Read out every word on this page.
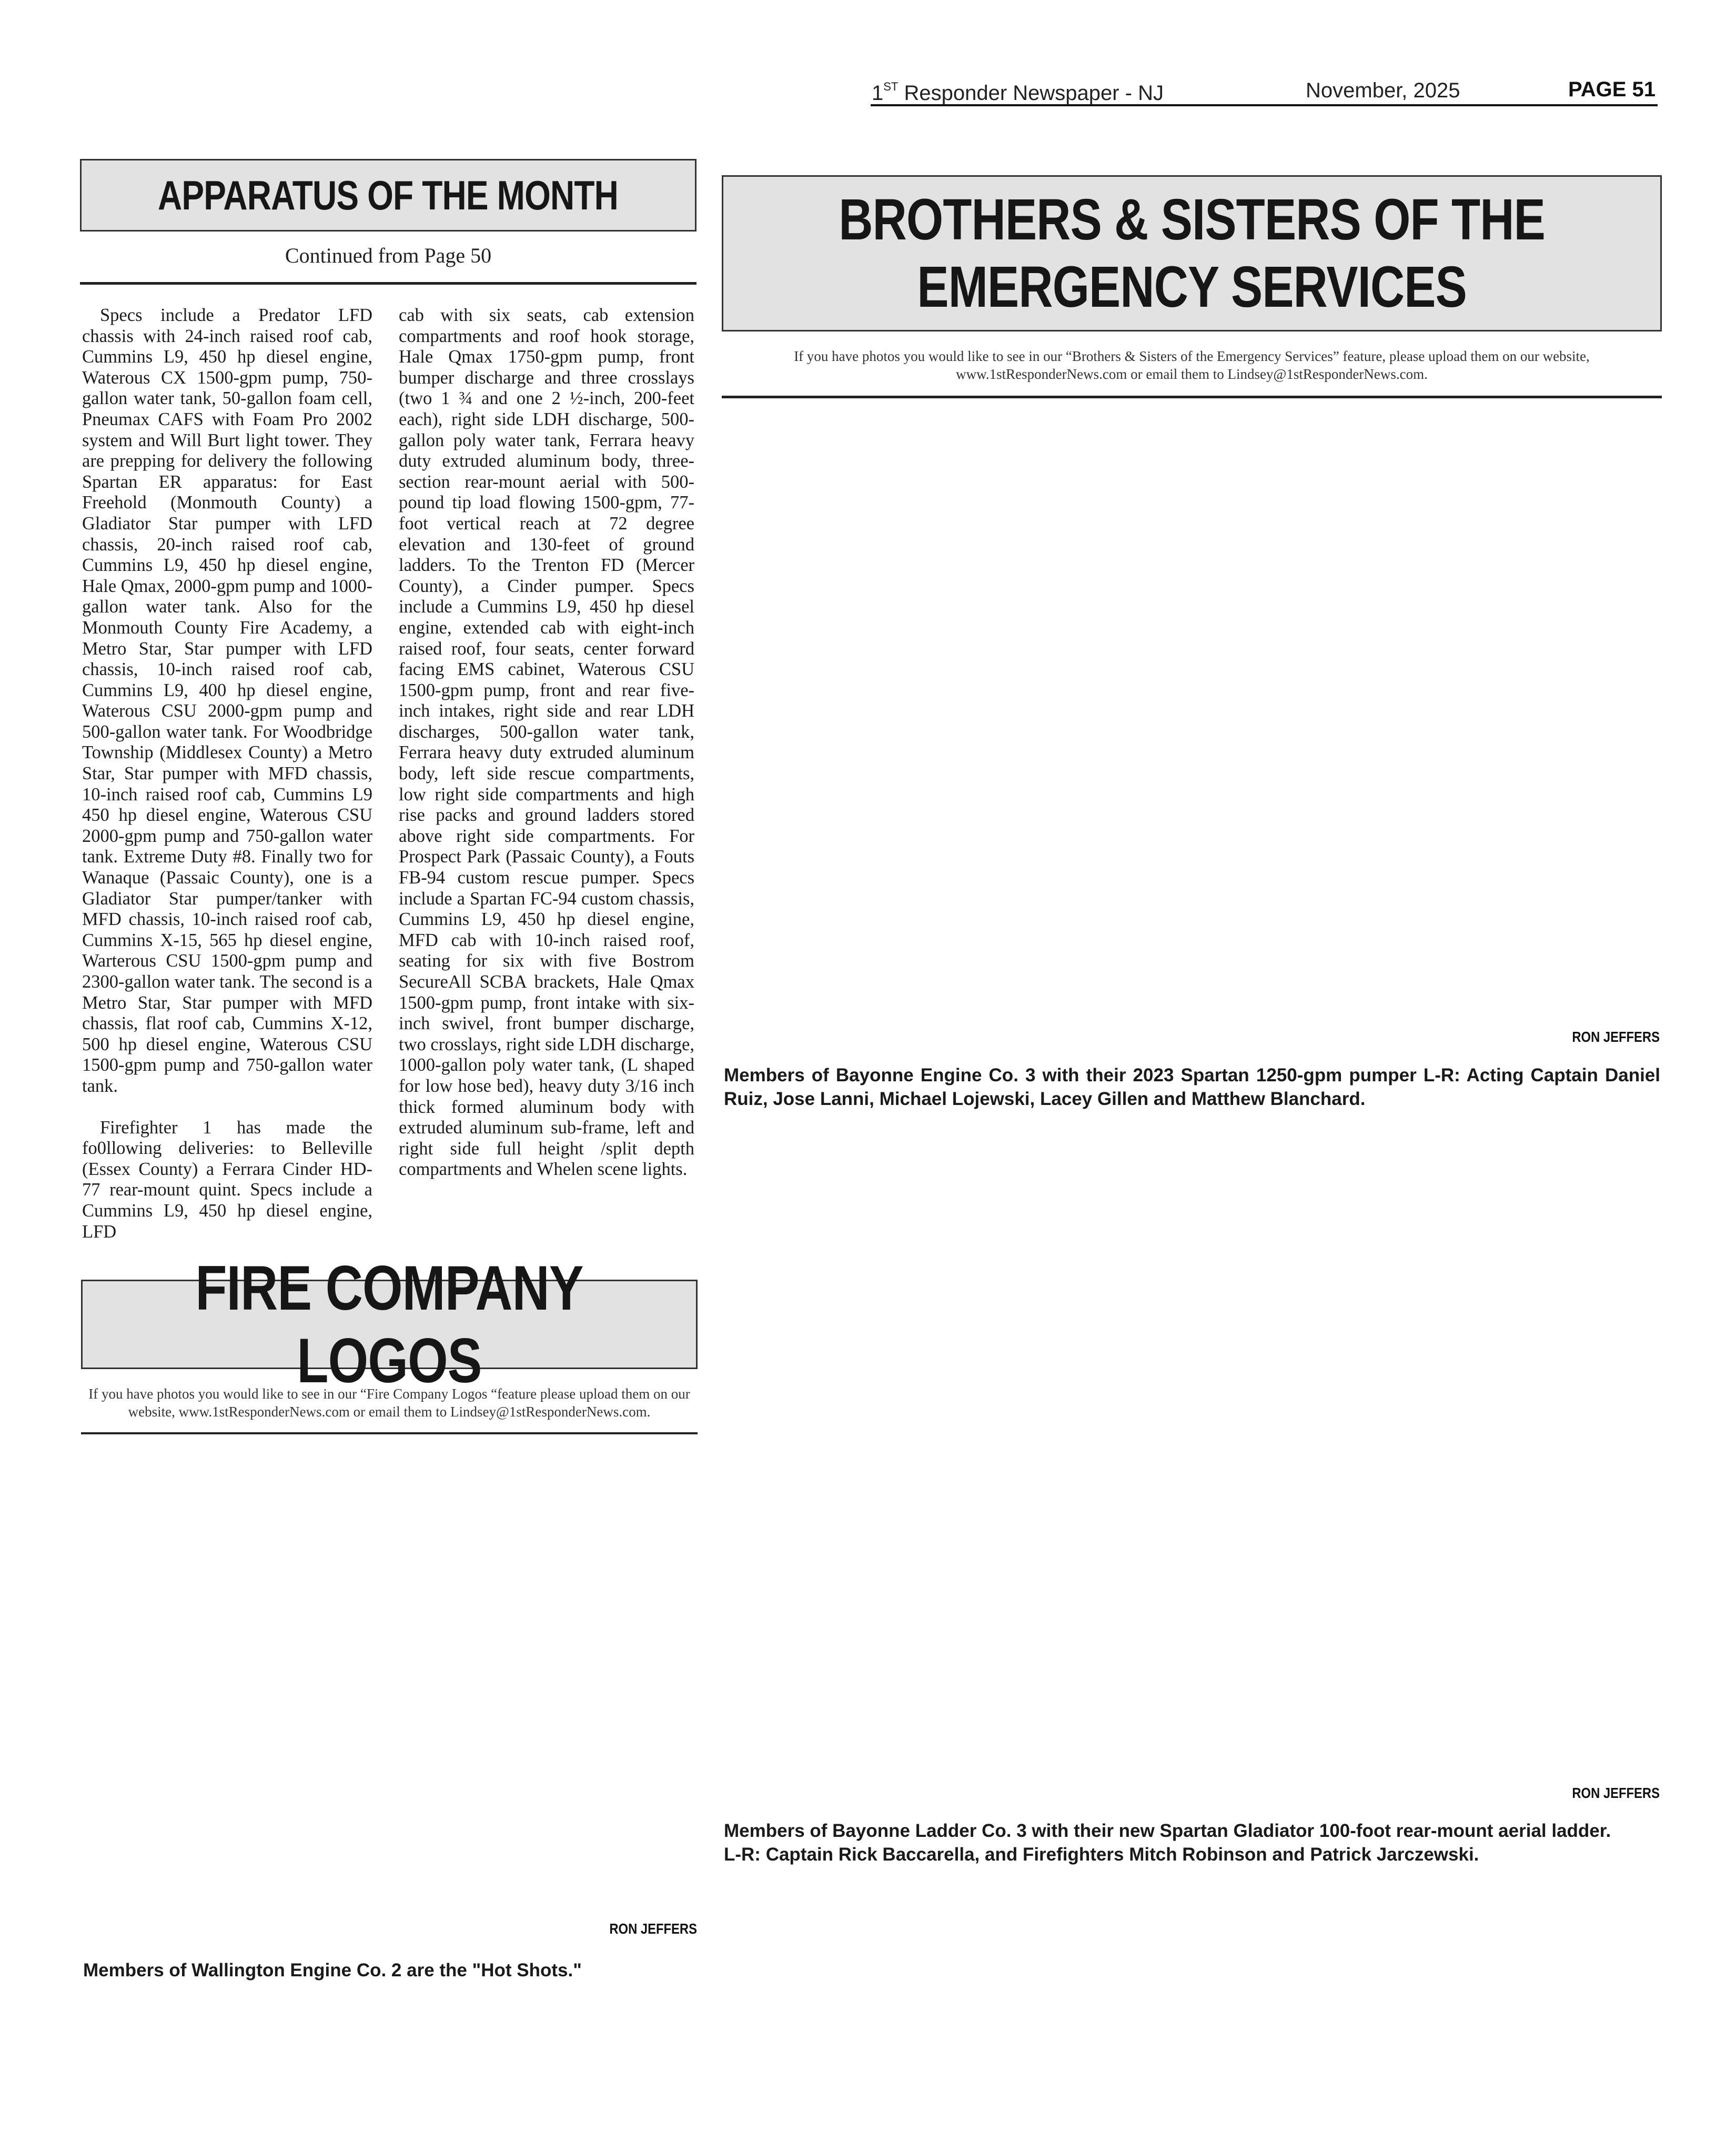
1ST Responder Newspaper - NJ	November, 2025	PAGE 51
APPARATUS OF THE MONTH
Continued from Page 50

Specs include a Predator LFD chassis with 24-inch raised roof cab, Cummins L9, 450 hp diesel engine, Waterous CX 1500-gpm pump, 750-gallon water tank, 50-gallon foam cell, Pneumax CAFS with Foam Pro 2002 system and Will Burt light tower. They are prepping for delivery the following Spartan ER apparatus: for East Freehold (Monmouth County) a Gladiator Star pumper with LFD chassis, 20-inch raised roof cab, Cummins L9, 450 hp diesel engine, Hale Qmax, 2000-gpm pump and 1000-gallon water tank. Also for the Monmouth County Fire Academy, a Metro Star, Star pumper with LFD chassis, 10-inch raised roof cab, Cummins L9, 400 hp diesel engine, Waterous CSU 2000-gpm pump and 500-gallon water tank. For Woodbridge Township (Middlesex County) a Metro Star, Star pumper with MFD chassis, 10-inch raised roof cab, Cummins L9 450 hp diesel engine, Waterous CSU 2000-gpm pump and 750-gallon water tank. Extreme Duty #8. Finally two for Wanaque (Passaic County), one is a Gladiator Star pumper/tanker with MFD chassis, 10-inch raised roof cab, Cummins X-15, 565 hp diesel engine, Warterous CSU 1500-gpm pump and 2300-gallon water tank. The second is a Metro Star, Star pumper with MFD chassis, flat roof cab, Cummins X-12, 500 hp diesel engine, Waterous CSU 1500-gpm pump and 750-gallon water tank.

Firefighter 1 has made the fo0llowing deliveries: to Belleville (Essex County) a Ferrara Cinder HD-77 rear-mount quint. Specs include a Cummins L9, 450 hp diesel engine, LFD

cab with six seats, cab extension compartments and roof hook storage, Hale Qmax 1750-gpm pump, front bumper discharge and three crosslays (two 1 ¾ and one 2 ½-inch, 200-feet each), right side LDH discharge, 500-gallon poly water tank, Ferrara heavy duty extruded aluminum body, three-section rear-mount aerial with 500-pound tip load flowing 1500-gpm, 77-foot vertical reach at 72 degree elevation and 130-feet of ground ladders. To the Trenton FD (Mercer County), a Cinder pumper. Specs include a Cummins L9, 450 hp diesel engine, extended cab with eight-inch raised roof, four seats, center forward facing EMS cabinet, Waterous CSU 1500-gpm pump, front and rear five-inch intakes, right side and rear LDH discharges, 500-gallon water tank, Ferrara heavy duty extruded aluminum body, left side rescue compartments, low right side compartments and high rise packs and ground ladders stored above right side compartments. For Prospect Park (Passaic County), a Fouts FB-94 custom rescue pumper. Specs include a Spartan FC-94 custom chassis, Cummins L9, 450 hp diesel engine, MFD cab with 10-inch raised roof, seating for six with five Bostrom SecureAll SCBA brackets, Hale Qmax 1500-gpm pump, front intake with six-inch swivel, front bumper discharge, two crosslays, right side LDH discharge, 1000-gallon poly water tank, (L shaped for low hose bed), heavy duty 3/16 inch thick formed aluminum body with extruded aluminum sub-frame, left and right side full height /split depth compartments and Whelen scene lights.

BROTHERS & SISTERS OF THE
EMERGENCY SERVICES
If you have photos you would like to see in our “Brothers & Sisters of the Emergency Services” feature, please upload them on our website, www.1stResponderNews.com or email them to Lindsey@1stResponderNews.com.
RON JEFFERS
Members of Bayonne Engine Co. 3 with their 2023 Spartan 1250-gpm pumper L-R: Acting Captain Daniel Ruiz, Jose Lanni, Michael Lojewski, Lacey Gillen and Matthew Blanchard.
RON JEFFERS
Members of Bayonne Ladder Co. 3 with their new Spartan Gladiator 100-foot rear-mount aerial ladder.
L-R: Captain Rick Baccarella, and Firefighters Mitch Robinson and Patrick Jarczewski.
FIRE COMPANY LOGOS
If you have photos you would like to see in our “Fire Company Logos “feature please upload them on our website, www.1stResponderNews.com or email them to Lindsey@1stResponderNews.com.
RON JEFFERS
Members of Wallington Engine Co. 2 are the "Hot Shots."
